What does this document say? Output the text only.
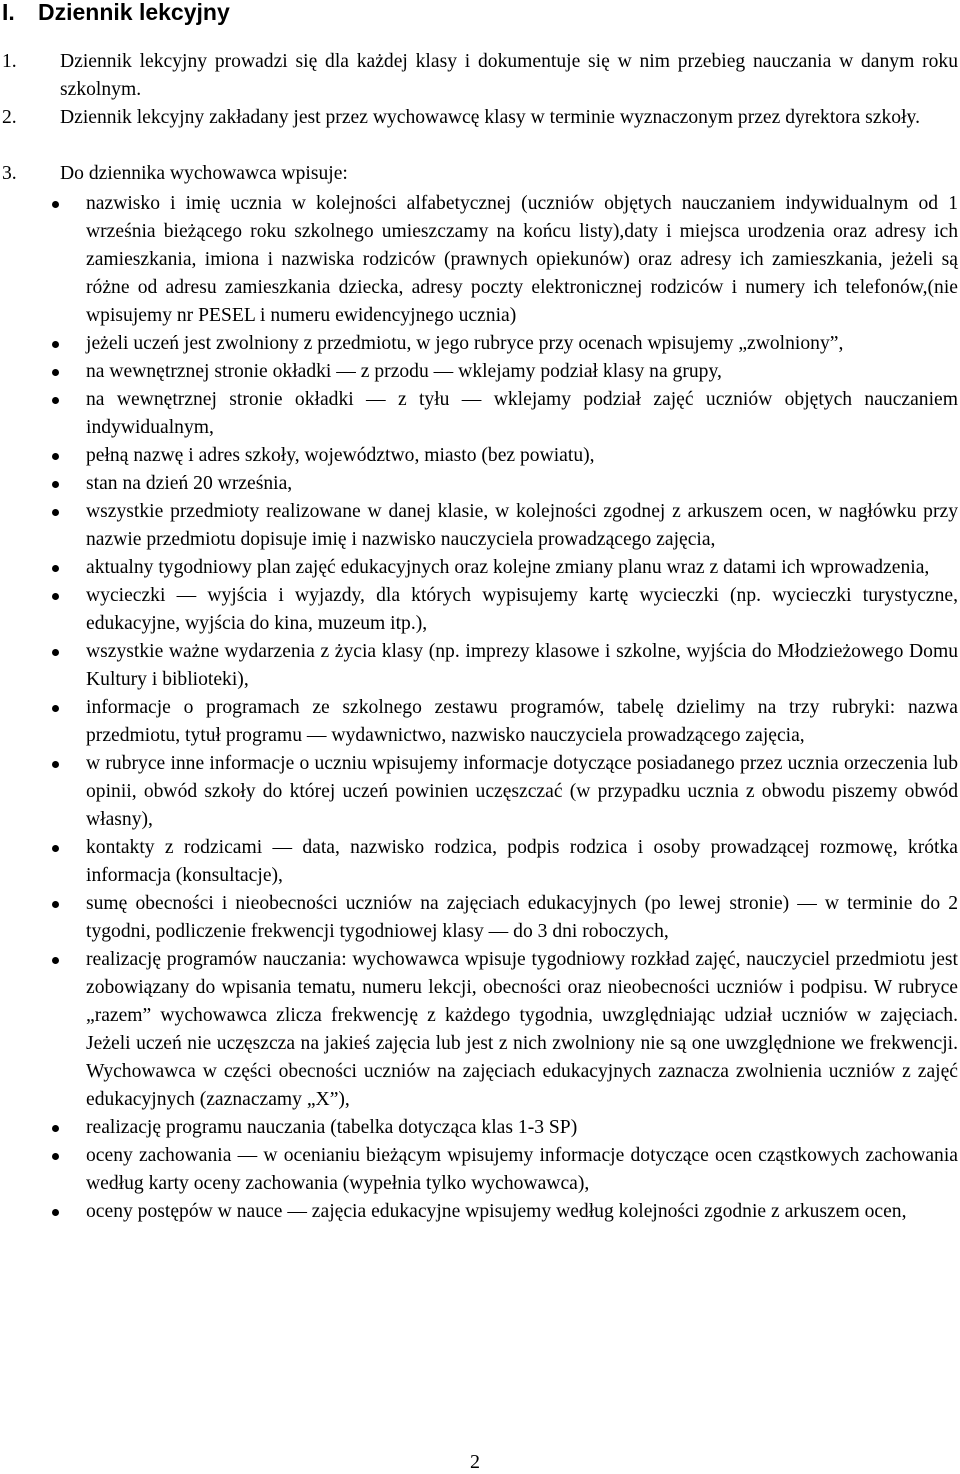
I. Dziennik lekcyjny
1. Dziennik lekcyjny prowadzi się dla każdej klasy i dokumentuje się w nim przebieg nauczania w danym roku szkolnym.
2. Dziennik lekcyjny zakładany jest przez wychowawcę klasy w terminie wyznaczonym przez dyrektora szkoły.
3. Do dziennika wychowawca wpisuje:
nazwisko i imię ucznia w kolejności alfabetycznej (uczniów objętych nauczaniem indywidualnym od 1 września bieżącego roku szkolnego umieszczamy na końcu listy),daty i miejsca urodzenia oraz adresy ich zamieszkania, imiona i nazwiska rodziców (prawnych opiekunów) oraz adresy ich zamieszkania, jeżeli są różne od adresu zamieszkania dziecka, adresy poczty elektronicznej rodziców i numery ich telefonów,(nie wpisujemy nr PESEL i numeru ewidencyjnego ucznia)
jeżeli uczeń jest zwolniony z przedmiotu, w jego rubryce przy ocenach wpisujemy „zwolniony”,
na wewnętrznej stronie okładki — z przodu — wklejamy podział klasy na grupy,
na wewnętrznej stronie okładki — z tyłu — wklejamy podział zajęć uczniów objętych nauczaniem indywidualnym,
pełną nazwę i adres szkoły, województwo, miasto (bez powiatu),
stan na dzień 20 września,
wszystkie przedmioty realizowane w danej klasie, w kolejności zgodnej z arkuszem ocen, w nagłówku przy nazwie przedmiotu dopisuje imię i nazwisko nauczyciela prowadzącego zajęcia,
aktualny tygodniowy plan zajęć edukacyjnych oraz kolejne zmiany planu wraz z datami ich wprowadzenia,
wycieczki — wyjścia i wyjazdy, dla których wypisujemy kartę wycieczki (np. wycieczki turystyczne, edukacyjne, wyjścia do kina, muzeum itp.),
wszystkie ważne wydarzenia z życia klasy (np. imprezy klasowe i szkolne, wyjścia do Młodzieżowego Domu Kultury i biblioteki),
informacje o programach ze szkolnego zestawu programów, tabelę dzielimy na trzy rubryki: nazwa przedmiotu, tytuł programu — wydawnictwo, nazwisko nauczyciela prowadzącego zajęcia,
w rubryce inne informacje o uczniu wpisujemy informacje dotyczące posiadanego przez ucznia orzeczenia lub opinii, obwód szkoły do której uczeń powinien uczęszczać (w przypadku ucznia z obwodu piszemy obwód własny),
kontakty z rodzicami — data, nazwisko rodzica, podpis rodzica i osoby prowadzącej rozmowę, krótka informacja (konsultacje),
sumę obecności i nieobecności uczniów na zajęciach edukacyjnych (po lewej stronie) — w terminie do 2 tygodni, podliczenie frekwencji tygodniowej klasy — do 3 dni roboczych,
realizację programów nauczania: wychowawca wpisuje tygodniowy rozkład zajęć, nauczyciel przedmiotu jest zobowiązany do wpisania tematu, numeru lekcji, obecności oraz nieobecności uczniów i podpisu. W rubryce „razem” wychowawca zlicza frekwencję z każdego tygodnia, uwzględniając udział uczniów w zajęciach. Jeżeli uczeń nie uczęszcza na jakieś zajęcia lub jest z nich zwolniony nie są one uwzględnione we frekwencji. Wychowawca w części obecności uczniów na zajęciach edukacyjnych zaznacza zwolnienia uczniów z zajęć edukacyjnych (zaznaczamy „X”),
realizację programu nauczania (tabelka dotycząca klas 1-3 SP)
oceny zachowania — w ocenianiu bieżącym wpisujemy informacje dotyczące ocen cząstkowych zachowania według karty oceny zachowania (wypełnia tylko wychowawca),
oceny postępów w nauce — zajęcia edukacyjne wpisujemy według kolejności zgodnie z arkuszem ocen,
2
